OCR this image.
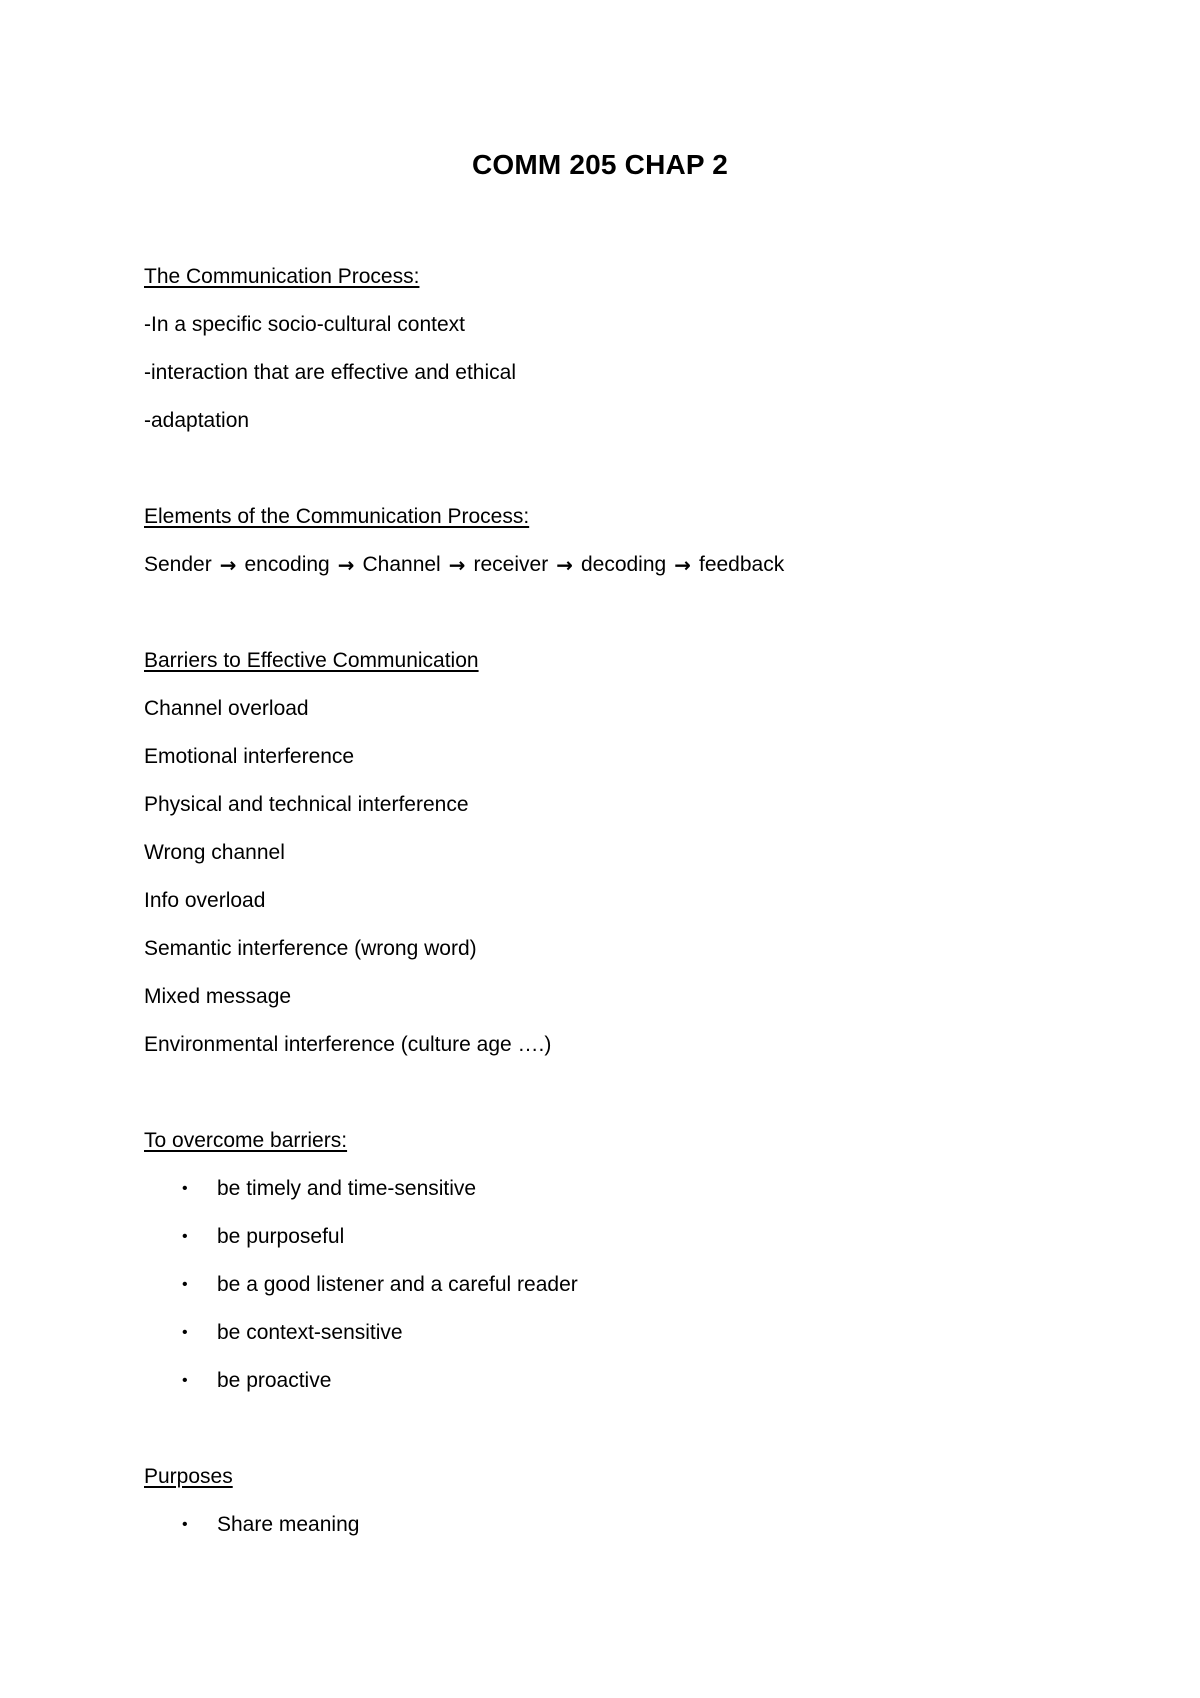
COMM 205 CHAP 2
The Communication Process:
-In a specific socio-cultural context
-interaction that are effective and ethical
-adaptation
Elements of the Communication Process:
Sender → encoding → Channel → receiver → decoding → feedback
Barriers to Effective Communication
Channel overload
Emotional interference
Physical and technical interference
Wrong channel
Info overload
Semantic interference (wrong word)
Mixed message
Environmental interference (culture age ….)
To overcome barriers:
• be timely and time-sensitive
• be purposeful
• be a good listener and a careful reader
• be context-sensitive
• be proactive
Purposes
• Share meaning
